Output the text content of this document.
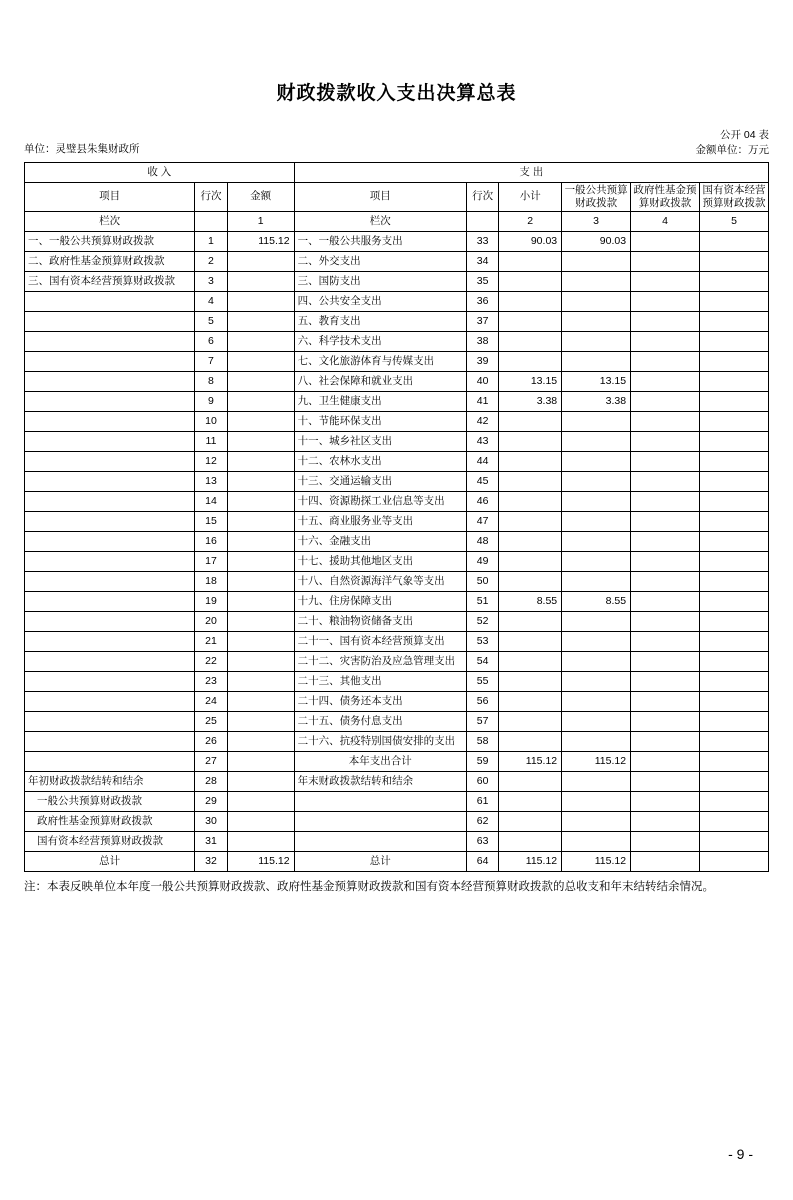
财政拨款收入支出决算总表
公开 04 表
单位：灵璧县朱集财政所	金额单位：万元
收 入			支 出					
项目	行次	金额	项目	行次	小计	一般公共预算财政拨款	政府性基金预算财政拨款	国有资本经营预算财政拨款
栏次		1	栏次		2	3	4	5
一、一般公共预算财政拨款	1	115.12	一、一般公共服务支出	33	90.03	90.03		
二、政府性基金预算财政拨款	2		二、外交支出	34				
三、国有资本经营预算财政拨款	3		三、国防支出	35				
	4		四、公共安全支出	36				
	5		五、教育支出	37				
	6		六、科学技术支出	38				
	7		七、文化旅游体育与传媒支出	39				
	8		八、社会保障和就业支出	40	13.15	13.15		
	9		九、卫生健康支出	41	3.38	3.38		
	10		十、节能环保支出	42				
	11		十一、城乡社区支出	43				
	12		十二、农林水支出	44				
	13		十三、交通运输支出	45				
	14		十四、资源勘探工业信息等支出	46				
	15		十五、商业服务业等支出	47				
	16		十六、金融支出	48				
	17		十七、援助其他地区支出	49				
	18		十八、自然资源海洋气象等支出	50				
	19		十九、住房保障支出	51	8.55	8.55		
	20		二十、粮油物资储备支出	52				
	21		二十一、国有资本经营预算支出	53				
	22		二十二、灾害防治及应急管理支出	54				
	23		二十三、其他支出	55				
	24		二十四、债务还本支出	56				
	25		二十五、债务付息支出	57				
	26		二十六、抗疫特别国债安排的支出	58				
	27		本年支出合计	59	115.12	115.12		
年初财政拨款结转和结余	28		年末财政拨款结转和结余	60				
一般公共预算财政拨款	29			61				
政府性基金预算财政拨款	30			62				
国有资本经营预算财政拨款	31			63				
总计	32	115.12	总计	64	115.12	115.12		
注：本表反映单位本年度一般公共预算财政拨款、政府性基金预算财政拨款和国有资本经营预算财政拨款的总收支和年末结转结余情况。
- 9 -
